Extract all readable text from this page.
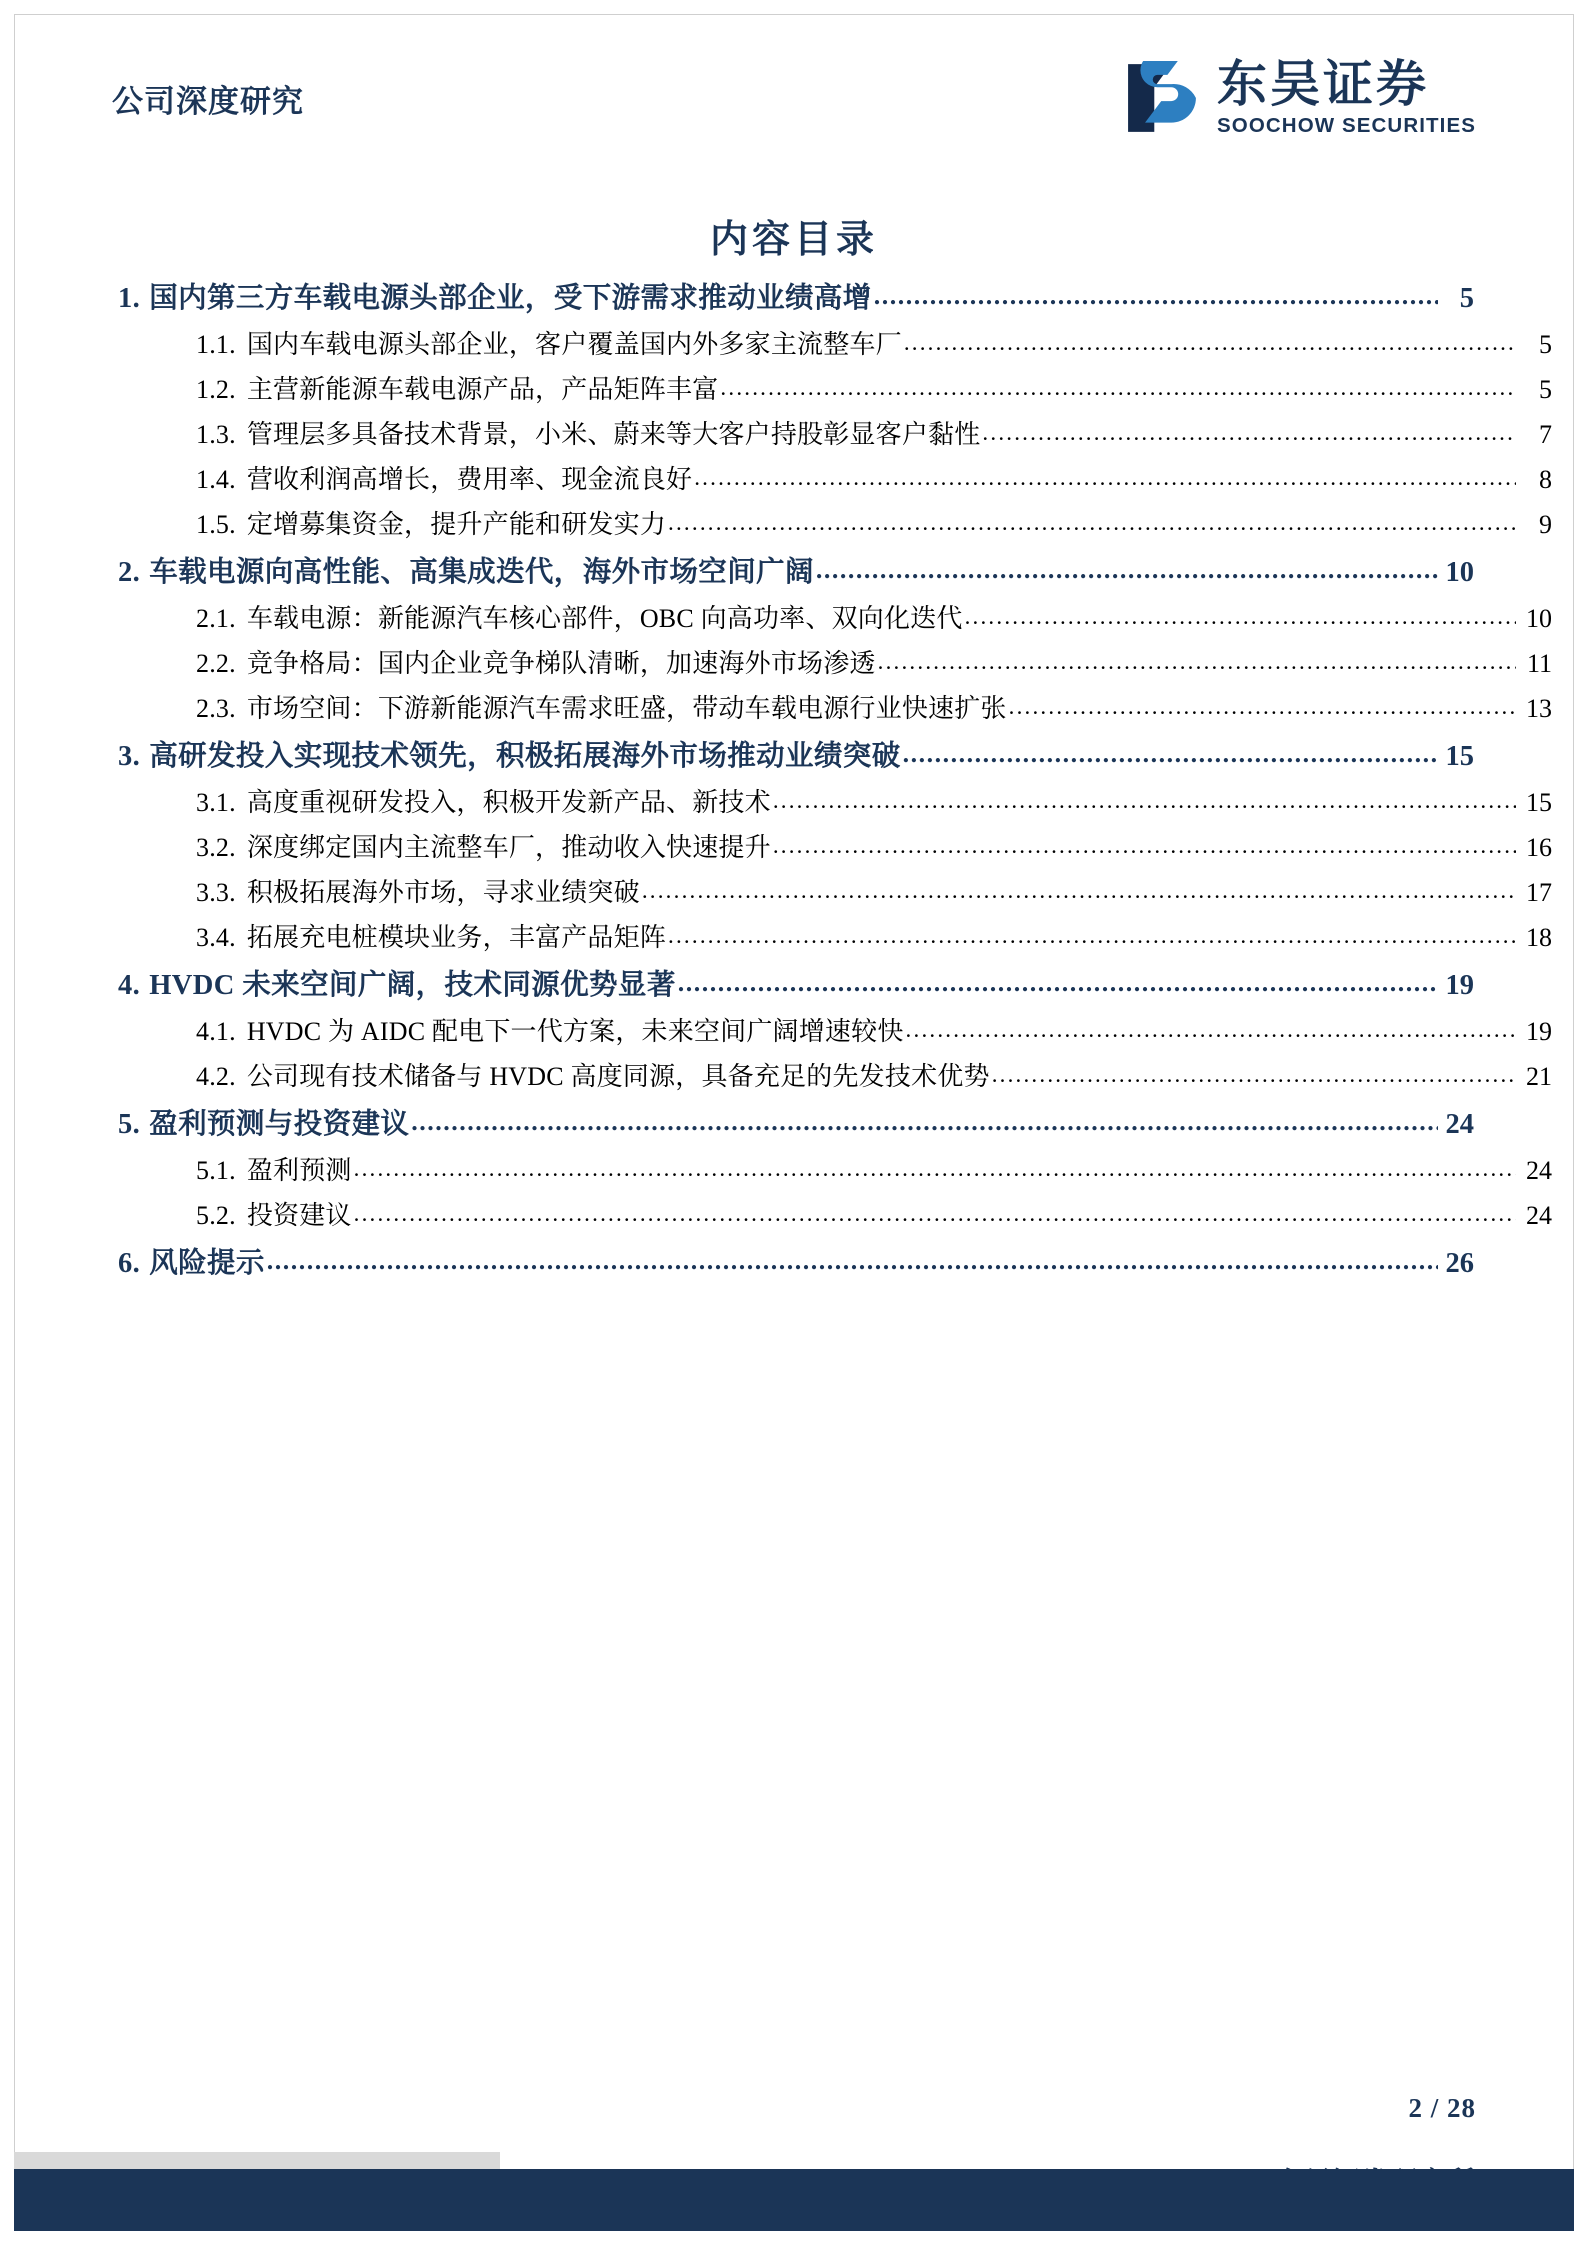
公司深度研究	东吴证券
SOOCHOW SECURITIES
内容目录
1. 国内第三方车载电源头部企业，受下游需求推动业绩高增 .....	5
1.1. 国内车载电源头部企业，客户覆盖国内外多家主流整车厂 .....	5
1.2. 主营新能源车载电源产品，产品矩阵丰富 .....	5
1.3. 管理层多具备技术背景，小米、蔚来等大客户持股彰显客户黏性 .....	7
1.4. 营收利润高增长，费用率、现金流良好 .....	8
1.5. 定增募集资金，提升产能和研发实力 .....	9
2. 车载电源向高性能、高集成迭代，海外市场空间广阔 .....	10
2.1. 车载电源：新能源汽车核心部件，OBC 向高功率、双向化迭代 .....	10
2.2. 竞争格局：国内企业竞争梯队清晰，加速海外市场渗透 .....	11
2.3. 市场空间：下游新能源汽车需求旺盛，带动车载电源行业快速扩张 .....	13
3. 高研发投入实现技术领先，积极拓展海外市场推动业绩突破 .....	15
3.1. 高度重视研发投入，积极开发新产品、新技术 .....	15
3.2. 深度绑定国内主流整车厂，推动收入快速提升 .....	16
3.3. 积极拓展海外市场，寻求业绩突破 .....	17
3.4. 拓展充电桩模块业务，丰富产品矩阵 .....	18
4. HVDC 未来空间广阔，技术同源优势显著 .....	19
4.1. HVDC 为 AIDC 配电下一代方案，未来空间广阔增速较快 .....	19
4.2. 公司现有技术储备与 HVDC 高度同源，具备充足的先发技术优势 .....	21
5. 盈利预测与投资建议 .....	24
5.1. 盈利预测 .....	24
5.2. 投资建议 .....	24
6. 风险提示 .....	26
2 / 28
